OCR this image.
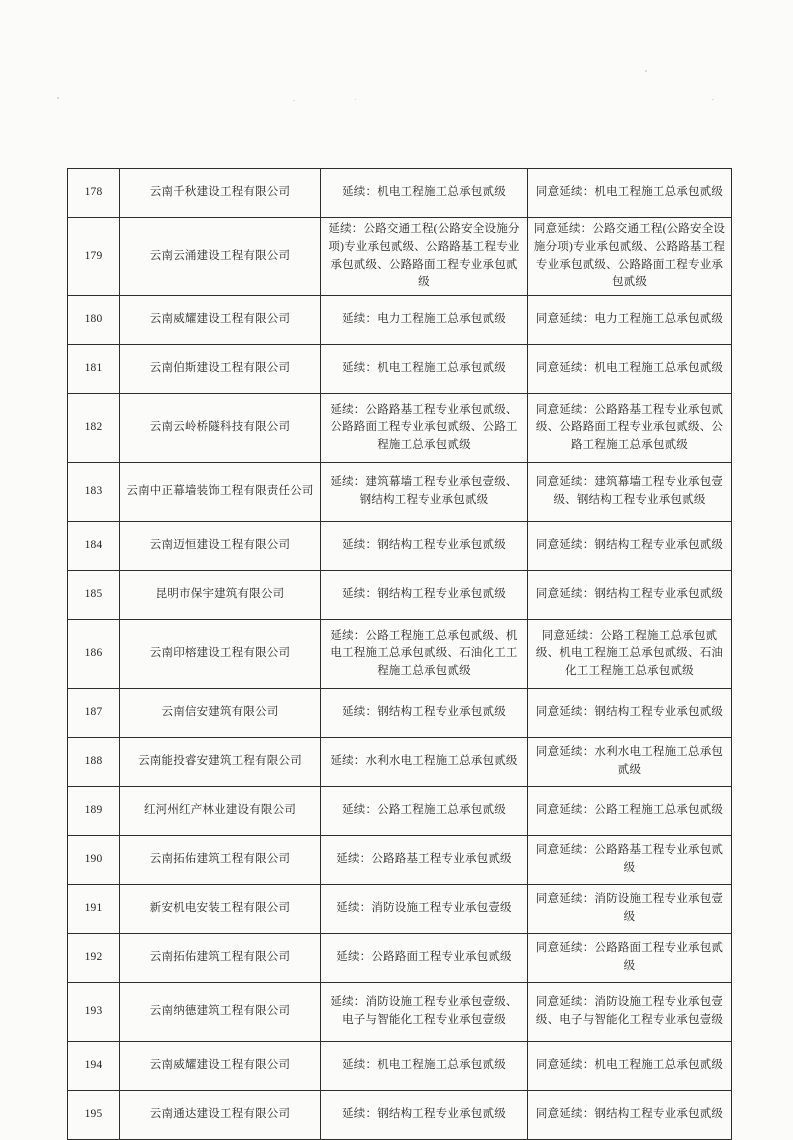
178	云南千秋建设工程有限公司	延续：机电工程施工总承包贰级	同意延续：机电工程施工总承包贰级
179	云南云涌建设工程有限公司	延续：公路交通工程(公路安全设施分项)专业承包贰级、公路路基工程专业承包贰级、公路路面工程专业承包贰级	同意延续：公路交通工程(公路安全设施分项)专业承包贰级、公路路基工程专业承包贰级、公路路面工程专业承包贰级
180	云南威耀建设工程有限公司	延续：电力工程施工总承包贰级	同意延续：电力工程施工总承包贰级
181	云南伯斯建设工程有限公司	延续：机电工程施工总承包贰级	同意延续：机电工程施工总承包贰级
182	云南云岭桥隧科技有限公司	延续：公路路基工程专业承包贰级、公路路面工程专业承包贰级、公路工程施工总承包贰级	同意延续：公路路基工程专业承包贰级、公路路面工程专业承包贰级、公路工程施工总承包贰级
183	云南中正幕墙装饰工程有限责任公司	延续：建筑幕墙工程专业承包壹级、钢结构工程专业承包贰级	同意延续：建筑幕墙工程专业承包壹级、钢结构工程专业承包贰级
184	云南迈恒建设工程有限公司	延续：钢结构工程专业承包贰级	同意延续：钢结构工程专业承包贰级
185	昆明市保宇建筑有限公司	延续：钢结构工程专业承包贰级	同意延续：钢结构工程专业承包贰级
186	云南印榕建设工程有限公司	延续：公路工程施工总承包贰级、机电工程施工总承包贰级、石油化工工程施工总承包贰级	同意延续：公路工程施工总承包贰级、机电工程施工总承包贰级、石油化工工程施工总承包贰级
187	云南信安建筑有限公司	延续：钢结构工程专业承包贰级	同意延续：钢结构工程专业承包贰级
188	云南能投睿安建筑工程有限公司	延续：水利水电工程施工总承包贰级	同意延续：水利水电工程施工总承包贰级
189	红河州红产林业建设有限公司	延续：公路工程施工总承包贰级	同意延续：公路工程施工总承包贰级
190	云南拓佑建筑工程有限公司	延续：公路路基工程专业承包贰级	同意延续：公路路基工程专业承包贰级
191	新安机电安装工程有限公司	延续：消防设施工程专业承包壹级	同意延续：消防设施工程专业承包壹级
192	云南拓佑建筑工程有限公司	延续：公路路面工程专业承包贰级	同意延续：公路路面工程专业承包贰级
193	云南纳德建筑工程有限公司	延续：消防设施工程专业承包壹级、电子与智能化工程专业承包壹级	同意延续：消防设施工程专业承包壹级、电子与智能化工程专业承包壹级
194	云南威耀建设工程有限公司	延续：机电工程施工总承包贰级	同意延续：机电工程施工总承包贰级
195	云南通达建设工程有限公司	延续：钢结构工程专业承包贰级	同意延续：钢结构工程专业承包贰级
